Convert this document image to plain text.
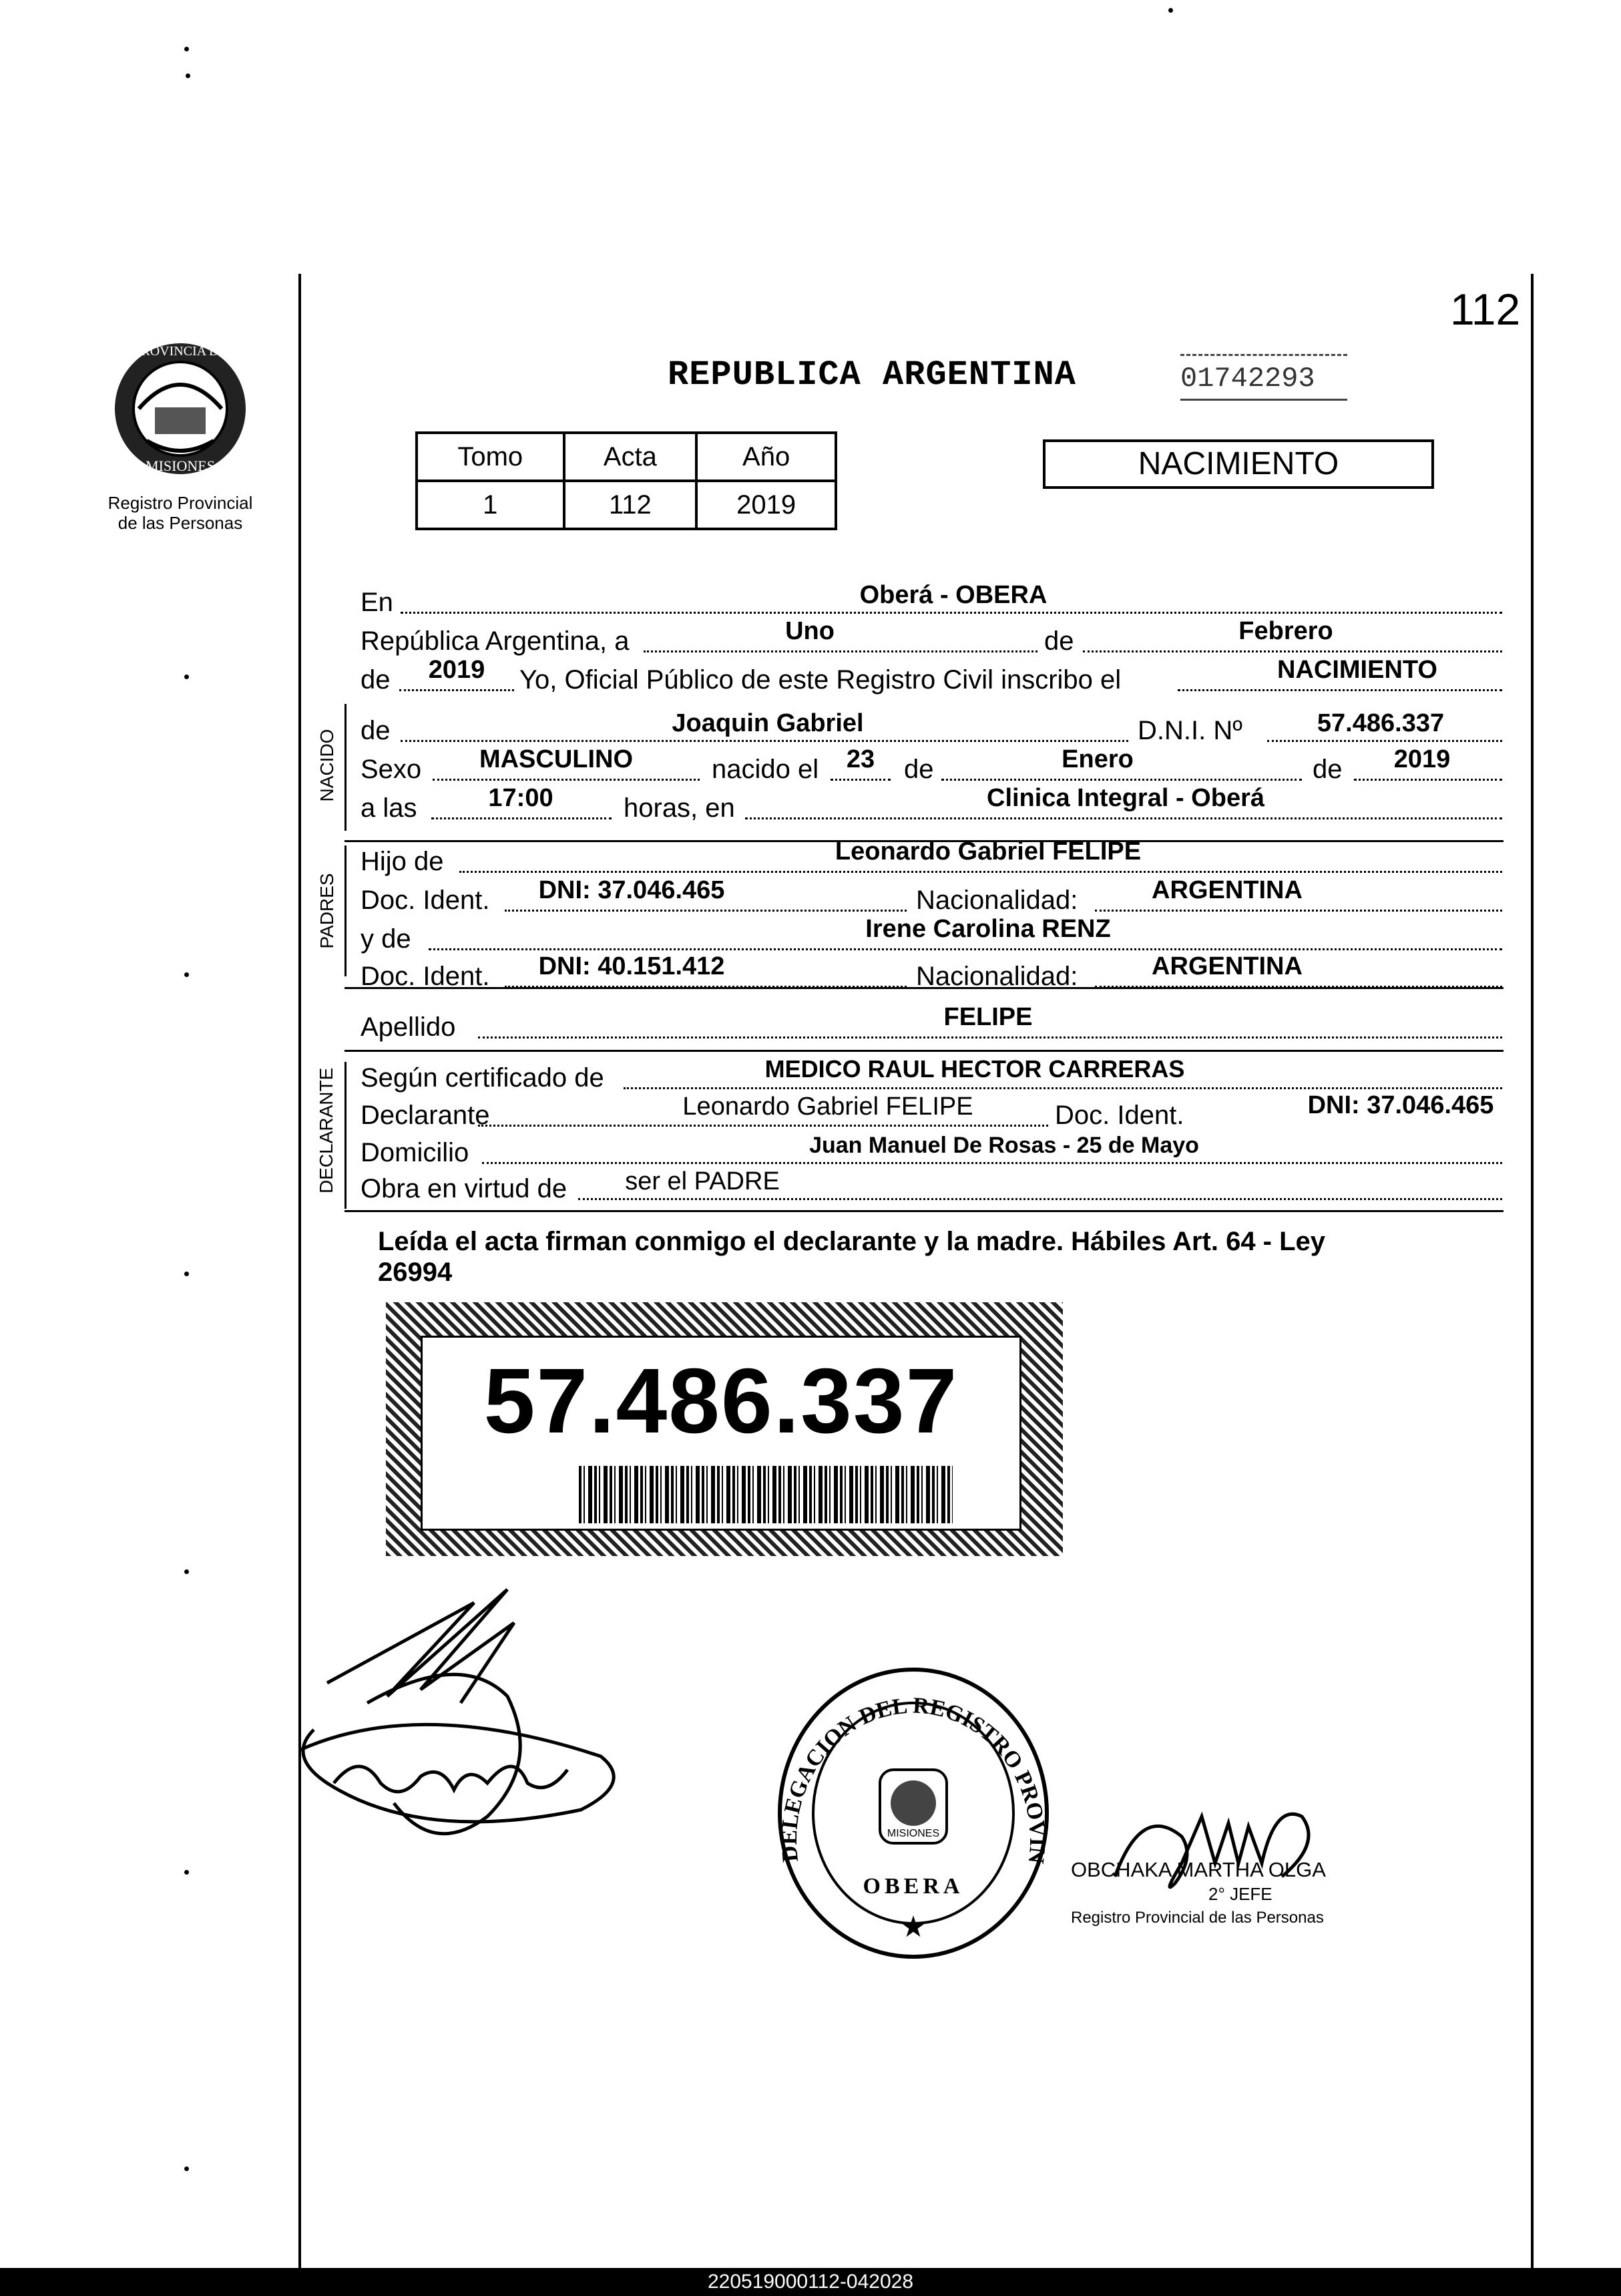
112
PROVINCIA DE
MISIONES
Registro Provincial
de las Personas
REPUBLICA ARGENTINA	01742293
Tomo	Acta	Año
1	112	2019
NACIMIENTO
En	Oberá - OBERA
República Argentina, a	Uno	de	Febrero
de 2019 Yo, Oficial Público de este Registro Civil inscribo el	NACIMIENTO
NACIDO de	Joaquin Gabriel	D.N.I. Nº	57.486.337
Sexo MASCULINO	nacido el 23 de	Enero	de 2019
a las	17:00	horas, en	Clinica Integral - Oberá
PADRES
Hijo de	Leonardo Gabriel FELIPE
Doc. Ident. DNI: 37.046.465	Nacionalidad:	ARGENTINA
y de	Irene Carolina RENZ
Doc. Ident. DNI: 40.151.412	Nacionalidad:	ARGENTINA
Apellido	FELIPE
DECLARANTE Según certificado de	MEDICO RAUL HECTOR CARRERAS
Declarante	Leonardo Gabriel FELIPE	Doc. Ident.	DNI: 37.046.465
Domicilio	Juan Manuel De Rosas - 25 de Mayo
Obra en virtud de ser el PADRE
Leída el acta firman conmigo el declarante y la madre. Hábiles Art. 64 - Ley
26994
57.486.337
DELEGACION DEL REGISTRO PROVIN
MISIONES
OBERA
★
OBCHAKA MARTHA OLGA
2° JEFE
Registro Provincial de las Personas
220519000112-042028
